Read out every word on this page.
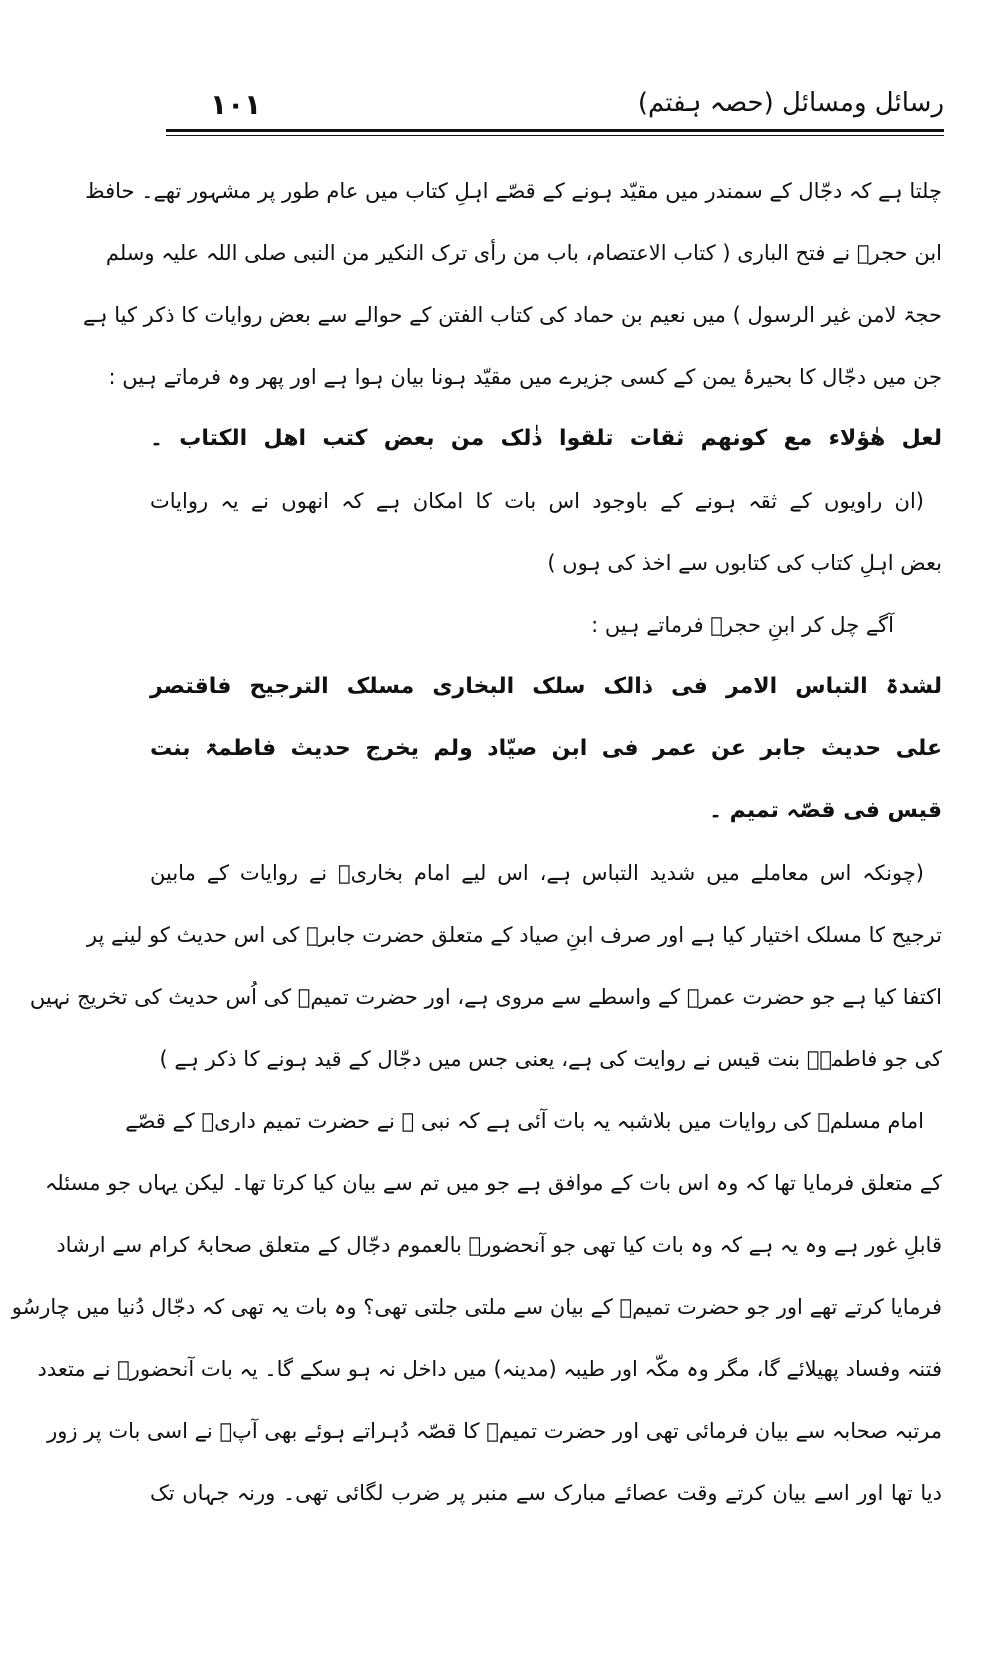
١٠١	رسائل ومسائل (حصہ ہفتم)
چلتا ہے کہ دجّال کے سمندر میں مقیّد ہونے کے قصّے اہلِ کتاب میں عام طور پر مشہور تھے۔ حافظ
ابن حجرؒ نے فتح الباری ( کتاب الاعتصام، باب من رأی ترک النکیر من النبی صلی اللہ علیہ وسلم
حجۃ لامن غیر الرسول ) میں نعیم بن حماد کی کتاب الفتن کے حوالے سے بعض روایات کا ذکر کیا ہے
جن میں دجّال کا بحیرۂ یمن کے کسی جزیرے میں مقیّد ہونا بیان ہوا ہے اور پھر وہ فرماتے ہیں :
لعل ھٰؤلاء مع کونھم ثقات تلقوا ذٰلک من بعض کتب اھل الکتاب ۔
(ان راویوں کے ثقہ ہونے کے باوجود اس بات کا امکان ہے کہ انھوں نے یہ روایات
بعض اہلِ کتاب کی کتابوں سے اخذ کی ہوں )
آگے چل کر ابنِ حجرؒ فرماتے ہیں :
لشدۃ التباس الامر فی ذالک سلک البخاری مسلک الترجیح فاقتصر
علی حدیث جابر عن عمر فی ابن صیّاد ولم یخرج حدیث فاطمۃ بنت
قیس فی قصّہ تمیم ۔
(چونکہ اس معاملے میں شدید التباس ہے، اس لیے امام بخاریؒ نے روایات کے مابین
ترجیح کا مسلک اختیار کیا ہے اور صرف ابنِ صیاد کے متعلق حضرت جابرؓ کی اس حدیث کو لینے پر
اکتفا کیا ہے جو حضرت عمرؓ کے واسطے سے مروی ہے، اور حضرت تمیمؓ کی اُس حدیث کی تخریج نہیں
کی جو فاطمہؓ بنت قیس نے روایت کی ہے، یعنی جس میں دجّال کے قید ہونے کا ذکر ہے )
امام مسلمؒ کی روایات میں بلاشبہ یہ بات آئی ہے کہ نبی ﷺ نے حضرت تمیم داریؓ کے قصّے
کے متعلق فرمایا تھا کہ وہ اس بات کے موافق ہے جو میں تم سے بیان کیا کرتا تھا۔ لیکن یہاں جو مسئلہ
قابلِ غور ہے وہ یہ ہے کہ وہ بات کیا تھی جو آنحضورؐ بالعموم دجّال کے متعلق صحابۂ کرام سے ارشاد
فرمایا کرتے تھے اور جو حضرت تمیمؓ کے بیان سے ملتی جلتی تھی؟ وہ بات یہ تھی کہ دجّال دُنیا میں چارسُو
فتنہ وفساد پھیلائے گا، مگر وہ مکّہ اور طیبہ (مدینہ) میں داخل نہ ہو سکے گا۔ یہ بات آنحضورؐ نے متعدد
مرتبہ صحابہ سے بیان فرمائی تھی اور حضرت تمیمؓ کا قصّہ دُہراتے ہوئے بھی آپؐ نے اسی بات پر زور
دیا تھا اور اسے بیان کرتے وقت عصائے مبارک سے منبر پر ضرب لگائی تھی۔ ورنہ جہاں تک
